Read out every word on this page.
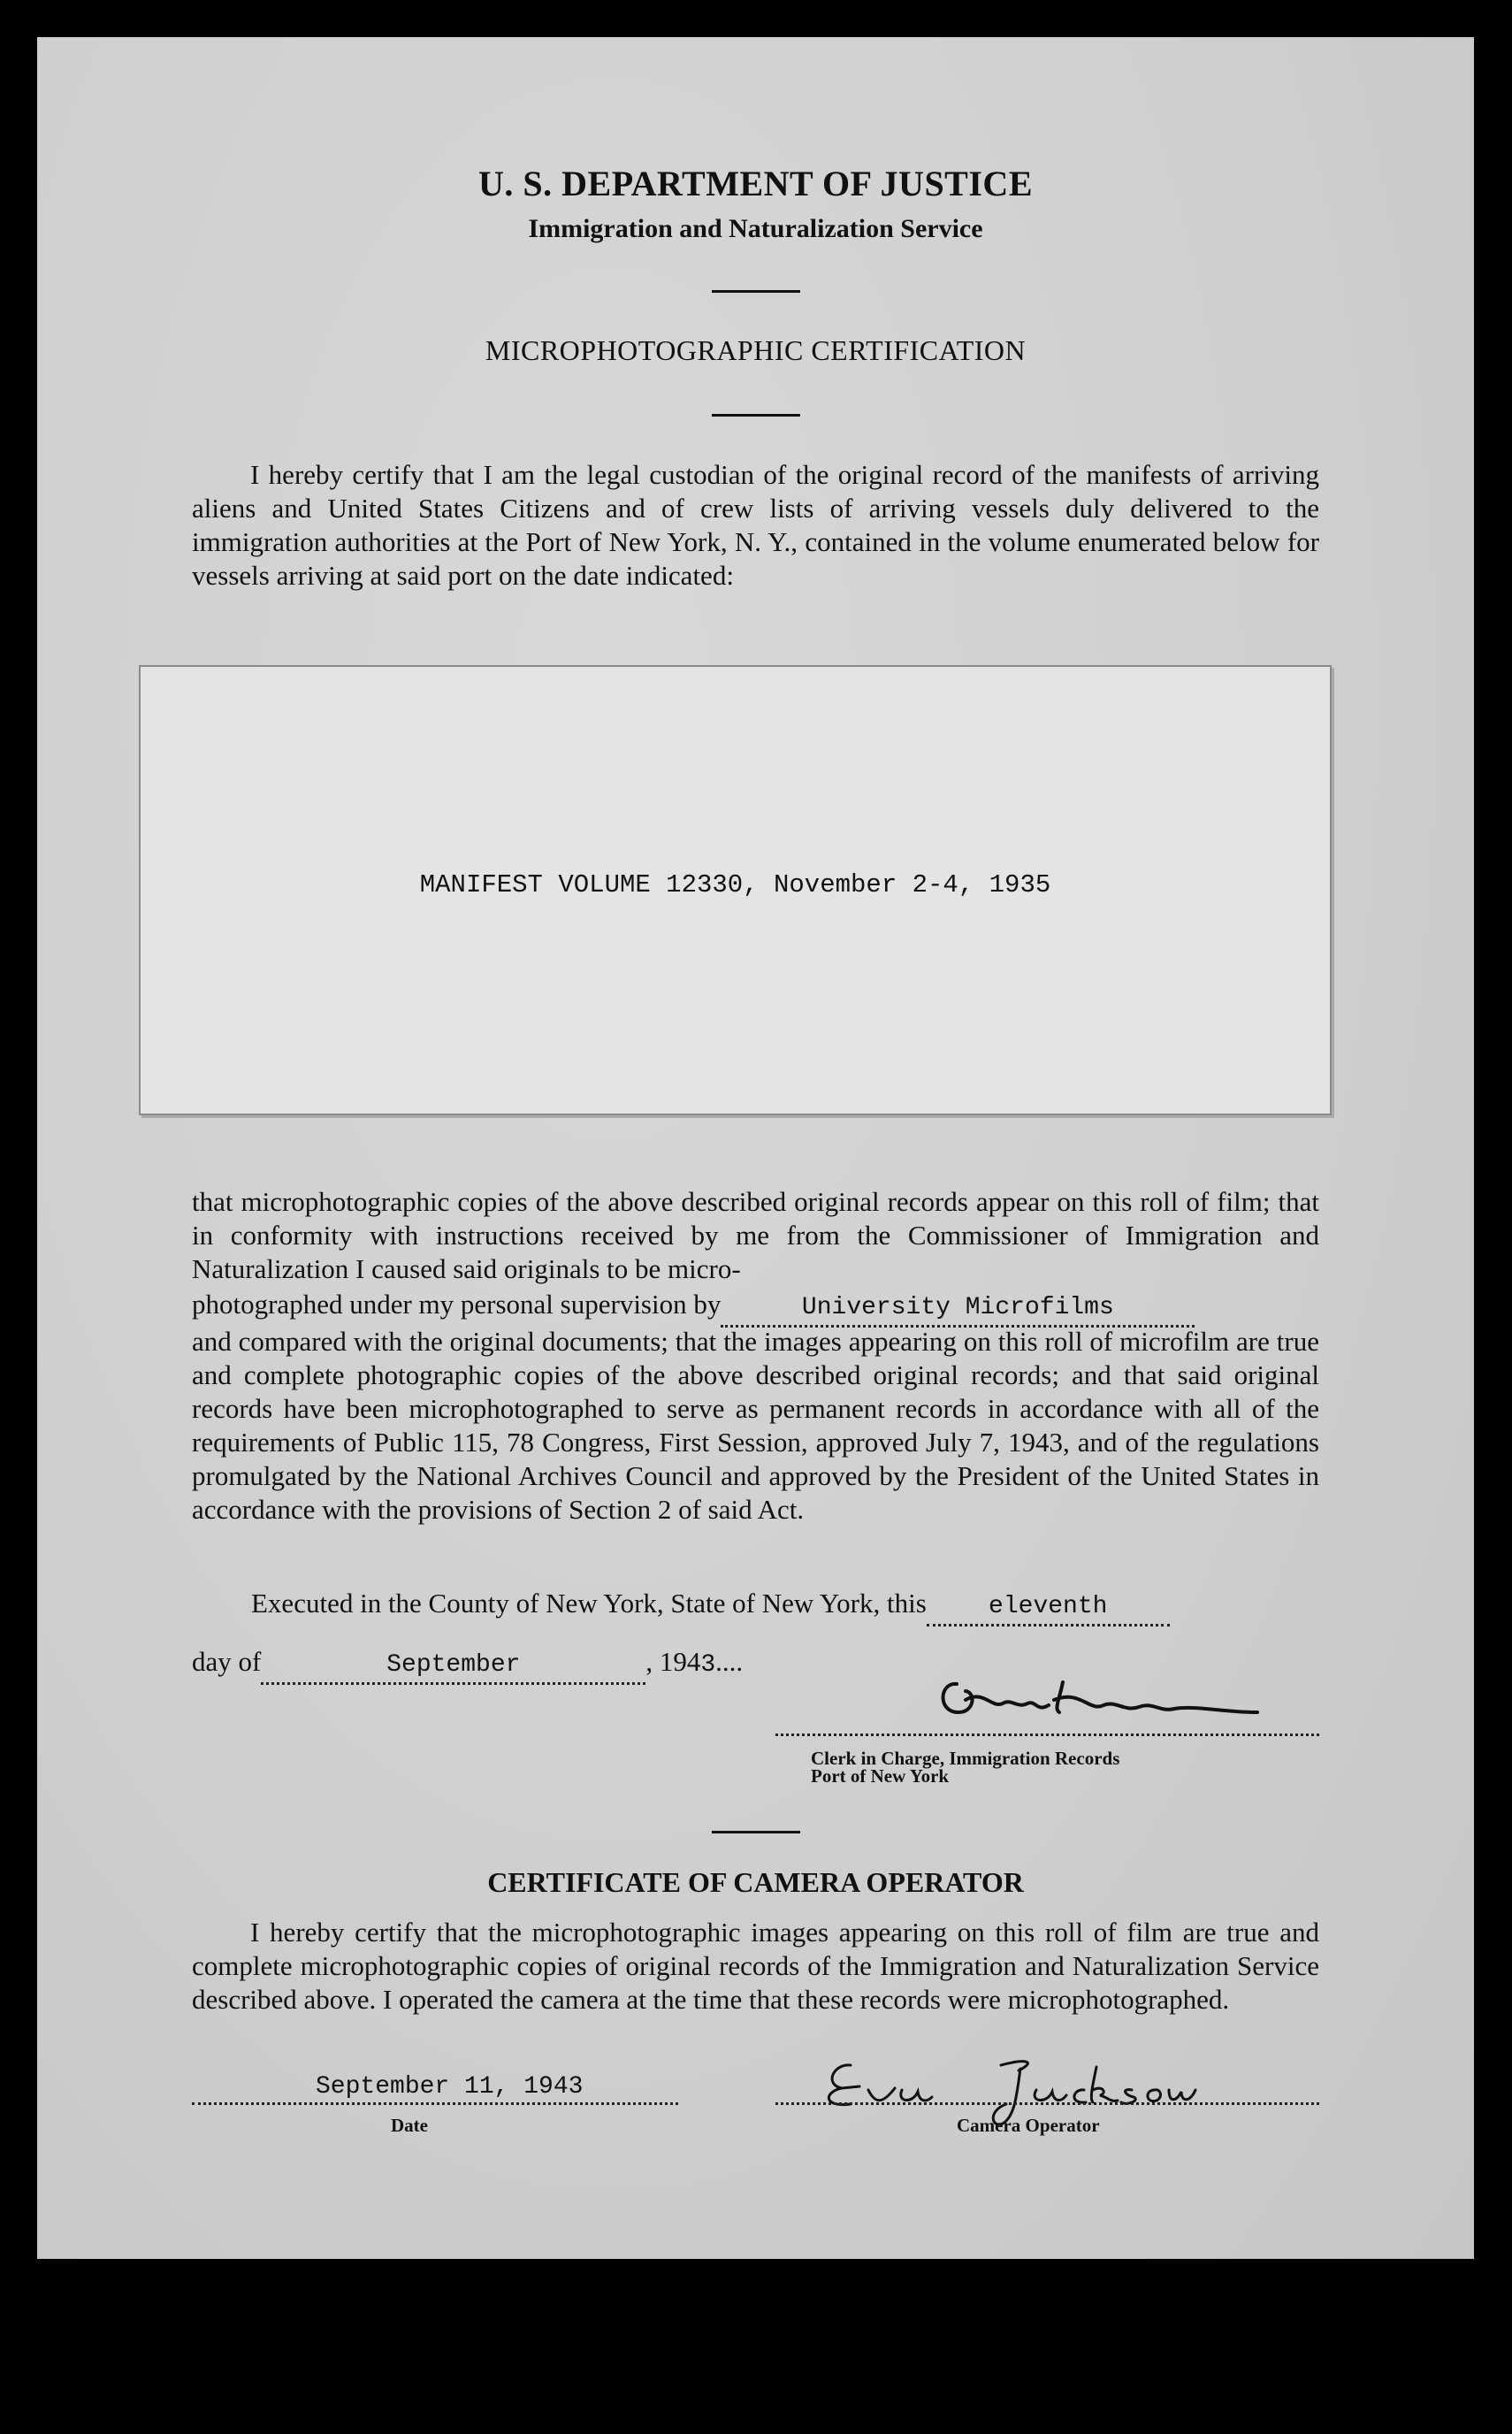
U. S. DEPARTMENT OF JUSTICE
Immigration and Naturalization Service
MICROPHOTOGRAPHIC CERTIFICATION

I hereby certify that I am the legal custodian of the original record of the manifests of arriving aliens and United States Citizens and of crew lists of arriving vessels duly delivered to the immigration authorities at the Port of New York, N. Y., contained in the volume enumerated below for vessels arriving at said port on the date indicated:

MANIFEST VOLUME 12330, November 2-4, 1935

that microphotographic copies of the above described original records appear on this roll of film; that in conformity with instructions received by me from the Commissioner of Immigration and Naturalization I caused said originals to be micro-

photographed under my personal supervision by	University Microfilms

and compared with the original documents; that the images appearing on this roll of microfilm are true and complete photographic copies of the above described original records; and that said original records have been microphotographed to serve as permanent records in accordance with all of the requirements of Public 115, 78 Congress, First Session, approved July 7, 1943, and of the regulations promulgated by the National Archives Council and approved by the President of the United States in accordance with the provisions of Section 2 of said Act.

Executed in the County of New York, State of New York, this	eleventh
day of	September	, 1943....
Clerk in Charge, Immigration Records
Port of New York
CERTIFICATE OF CAMERA OPERATOR

I hereby certify that the microphotographic images appearing on this roll of film are true and complete microphotographic copies of original records of the Immigration and Naturalization Service described above. I operated the camera at the time that these records were microphotographed.

September 11, 1943
Date	Camera Operator
